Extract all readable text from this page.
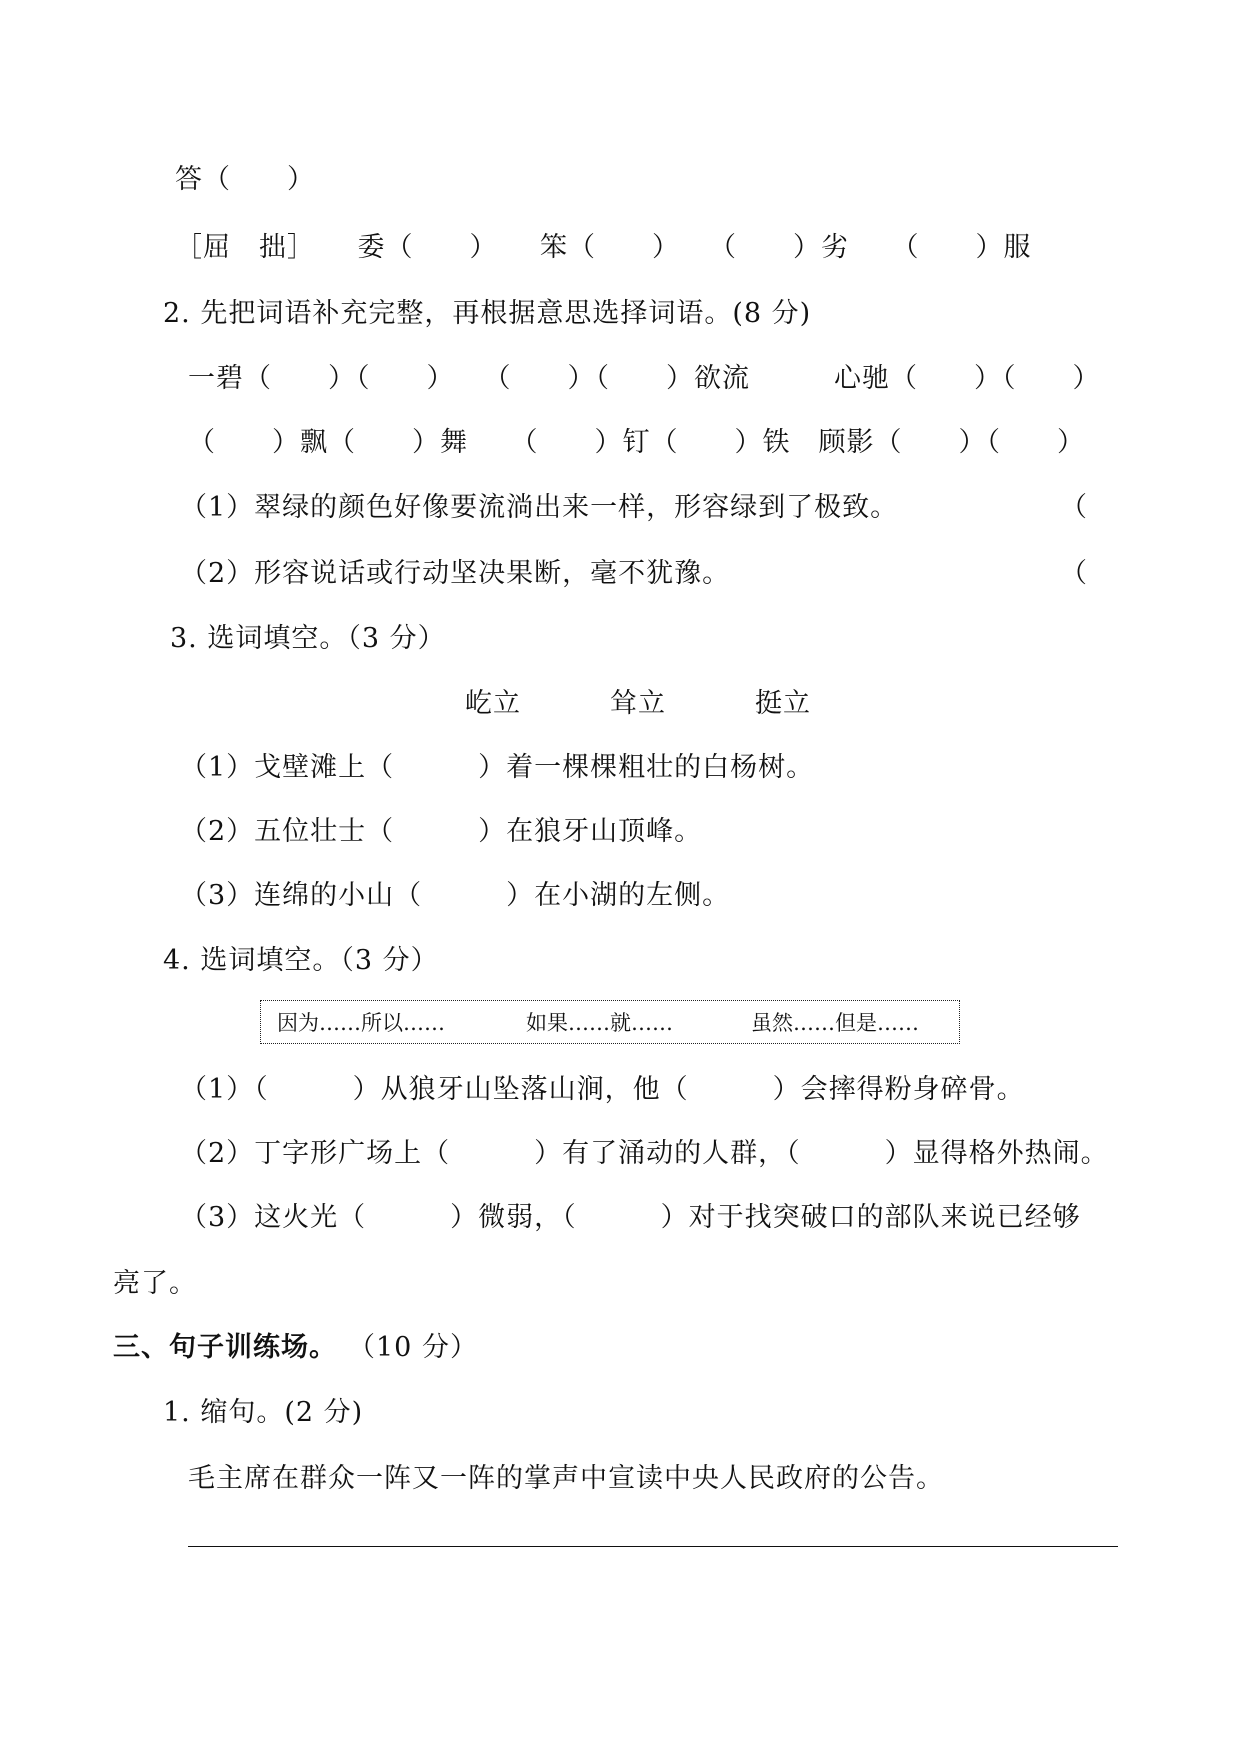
答（　　）
［屈　拙］　　委（　　）　　笨（　　）　　（　　）劣　　（　　）服
2. 先把词语补充完整，再根据意思选择词语。(8 分)
一碧（　　）（　　）　　（　　）（　　）欲流　　　心驰（　　）（　　）
（　　）飘（　　）舞　　（　　）钉（　　）铁　顾影（　　）（　　）
（1）翠绿的颜色好像要流淌出来一样，形容绿到了极致。	（
（2）形容说话或行动坚决果断，毫不犹豫。	（
3. 选词填空。（3 分）
屹立	耸立	挺立
（1）戈壁滩上（　　　）着一棵棵粗壮的白杨树。
（2）五位壮士（　　　）在狼牙山顶峰。
（3）连绵的小山（　　　）在小湖的左侧。
4. 选词填空。（3 分）
因为……所以……	如果……就……	虽然……但是……
（1）（　　　）从狼牙山坠落山涧，他（　　　）会摔得粉身碎骨。
（2）丁字形广场上（　　　）有了涌动的人群，（　　　）显得格外热闹。
（3）这火光（　　　）微弱，（　　　）对于找突破口的部队来说已经够
亮了。
三、句子训练场。 （10 分）
1. 缩句。(2 分)
毛主席在群众一阵又一阵的掌声中宣读中央人民政府的公告。
